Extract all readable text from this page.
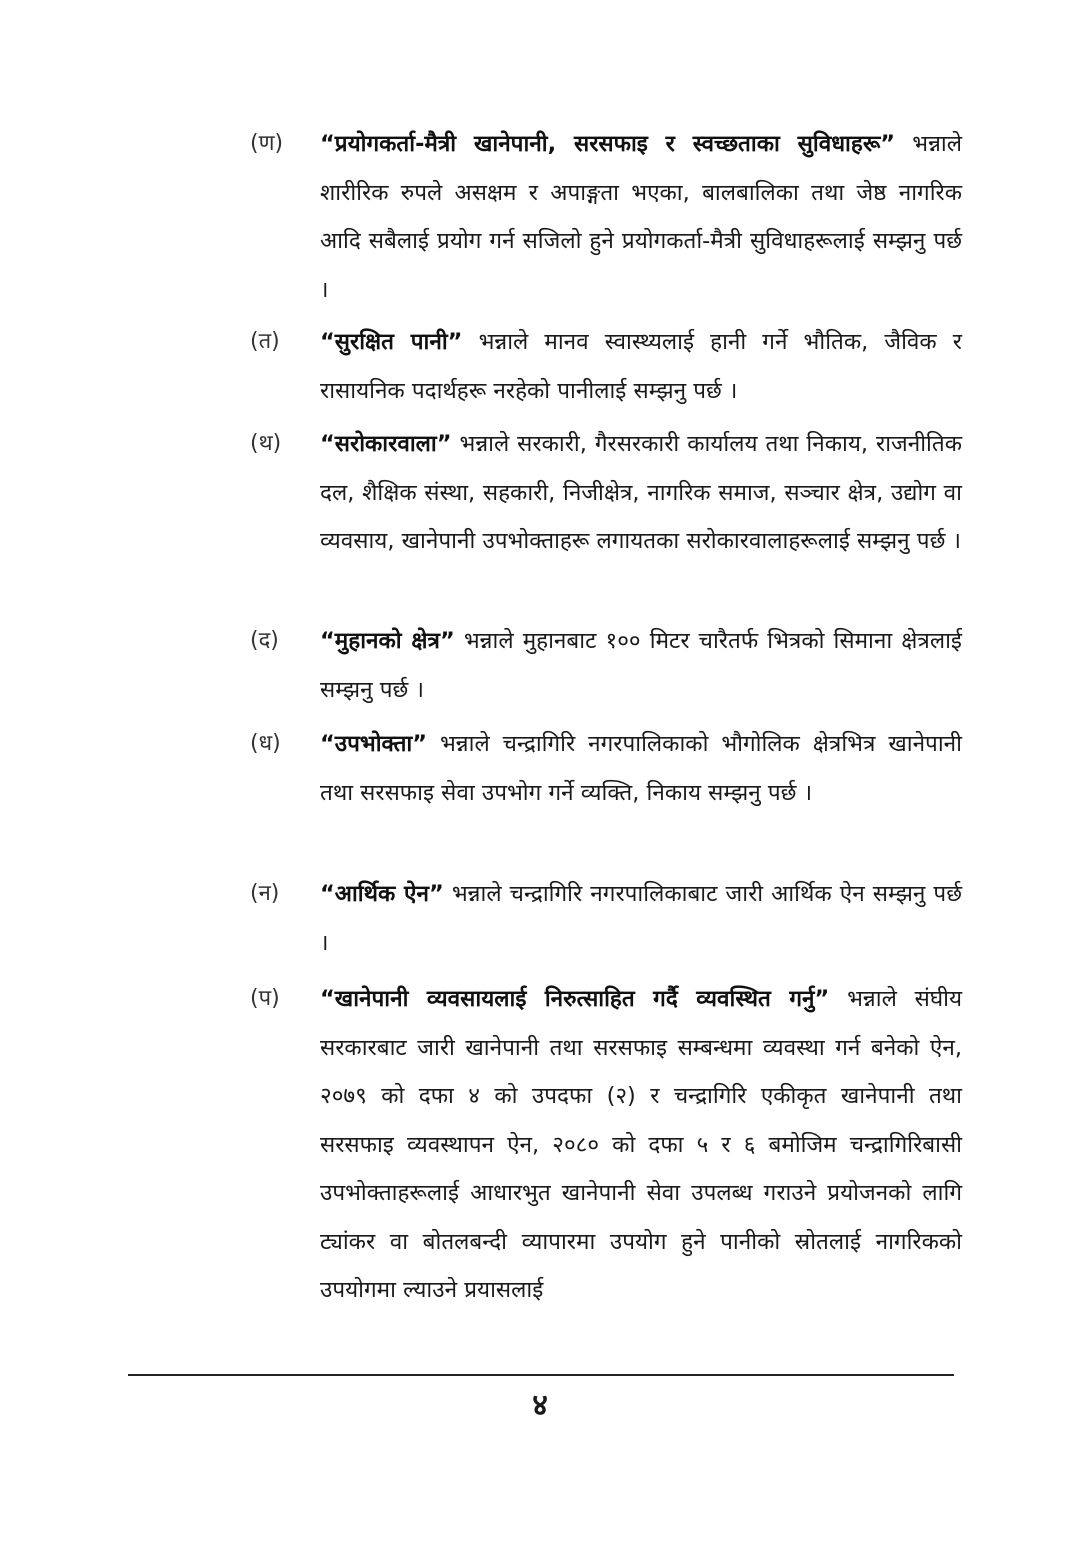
(ण)	“प्रयोगकर्ता-मैत्री खानेपानी, सरसफाइ र स्वच्छताका सुविधाहरू” भन्नाले शारीरिक रुपले असक्षम र अपाङ्गता भएका, बालबालिका तथा जेष्ठ नागरिक आदि सबैलाई प्रयोग गर्न सजिलो हुने प्रयोगकर्ता-मैत्री सुविधाहरूलाई सम्झनु पर्छ ।
(त)	“सुरक्षित पानी” भन्नाले मानव स्वास्थ्यलाई हानी गर्ने भौतिक, जैविक र रासायनिक पदार्थहरू नरहेको पानीलाई सम्झनु पर्छ ।
(थ)	“सरोकारवाला” भन्नाले सरकारी, गैरसरकारी कार्यालय तथा निकाय, राजनीतिक दल, शैक्षिक संस्था, सहकारी, निजीक्षेत्र, नागरिक समाज, सञ्चार क्षेत्र, उद्योग वा व्यवसाय, खानेपानी उपभोक्ताहरू लगायतका सरोकारवालाहरूलाई सम्झनु पर्छ ।
(द)	“मुहानको क्षेत्र” भन्नाले मुहानबाट १०० मिटर चारैतर्फ भित्रको सिमाना क्षेत्रलाई सम्झनु पर्छ ।
(ध)	“उपभोक्ता” भन्नाले चन्द्रागिरि नगरपालिकाको भौगोलिक क्षेत्रभित्र खानेपानी तथा सरसफाइ सेवा उपभोग गर्ने व्यक्ति, निकाय सम्झनु पर्छ ।
(न)	“आर्थिक ऐन” भन्नाले चन्द्रागिरि नगरपालिकाबाट जारी आर्थिक ऐन सम्झनु पर्छ ।
(प)	“खानेपानी व्यवसायलाई निरुत्साहित गर्दै व्यवस्थित गर्नु” भन्नाले संघीय सरकारबाट जारी खानेपानी तथा सरसफाइ सम्बन्धमा व्यवस्था गर्न बनेको ऐन, २०७९ को दफा ४ को उपदफा (२) र चन्द्रागिरि एकीकृत खानेपानी तथा सरसफाइ व्यवस्थापन ऐन, २०८० को दफा ५ र ६ बमोजिम चन्द्रागिरिबासी उपभोक्ताहरूलाई आधारभुत खानेपानी सेवा उपलब्ध गराउने प्रयोजनको लागि ट्यांकर वा बोतलबन्दी व्यापारमा उपयोग हुने पानीको स्रोतलाई नागरिकको उपयोगमा ल्याउने प्रयासलाई
४
